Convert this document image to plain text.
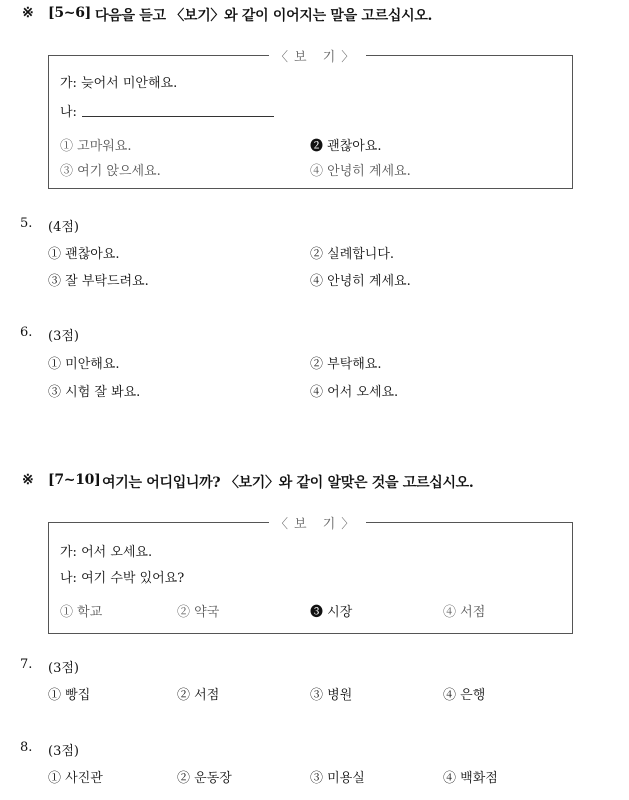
※ [5~6] 다음을 듣고 〈보기〉와 같이 이어지는 말을 고르십시오.
〈보 기〉
가: 늦어서 미안해요.
나:
① 고마워요.	❷ 괜찮아요.
③ 여기 앉으세요.	④ 안녕히 계세요.
5. (4점)
① 괜찮아요.	② 실례합니다.
③ 잘 부탁드려요.	④ 안녕히 계세요.
6. (3점)
① 미안해요.	② 부탁해요.
③ 시험 잘 봐요.	④ 어서 오세요.
※ [7~10] 여기는 어디입니까? 〈보기〉와 같이 알맞은 것을 고르십시오.
〈보 기〉
가: 어서 오세요.
나: 여기 수박 있어요?
① 학교	② 약국	❸ 시장	④ 서점
7. (3점)
① 빵집	② 서점	③ 병원	④ 은행
8. (3점)
① 사진관	② 운동장	③ 미용실	④ 백화점
